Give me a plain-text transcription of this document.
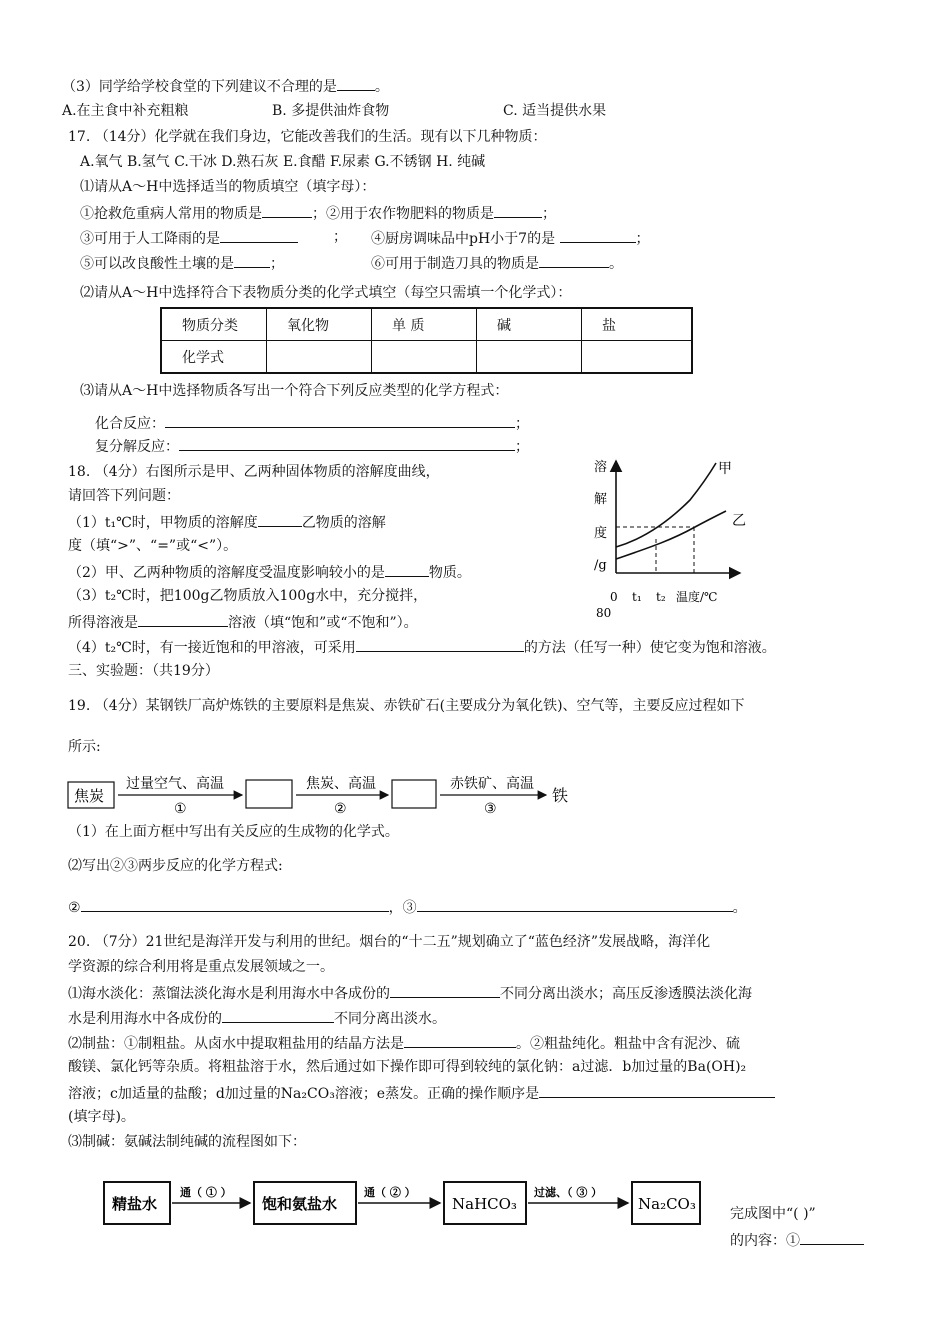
（3）同学给学校食堂的下列建议不合理的是	。
A.在主食中补充粗粮	B. 多提供油炸食物	C. 适当提供水果
17. （14分）化学就在我们身边，它能改善我们的生活。现有以下几种物质：
A.氧气 B.氢气 C.干冰 D.熟石灰 E.食醋 F.尿素 G.不锈钢 H. 纯碱
⑴请从A～H中选择适当的物质填空（填字母）：
①抢救危重病人常用的物质是	；②用于农作物肥料的物质是	；
③可用于人工降雨的是	； ④厨房调味品中pH小于7的是	；
⑤可以改良酸性土壤的是	；	⑥可用于制造刀具的物质是	。
⑵请从A～H中选择符合下表物质分类的化学式填空（每空只需填一个化学式）：
物质分类	氧化物	单 质	碱	盐
化学式				
⑶请从A～H中选择物质各写出一个符合下列反应类型的化学方程式：
化合反应：	；
复分解反应：	；
18. （4分）右图所示是甲、乙两种固体物质的溶解度曲线，
请回答下列问题：
（1）t₁℃时，甲物质的溶解度	乙物质的溶解
度（填“>”、“=”或“<”）。
（2）甲、乙两种物质的溶解度受温度影响较小的是	物质。
（3）t₂℃时，把100g乙物质放入100g水中，充分搅拌，
所得溶液是	溶液（填“饱和”或“不饱和”）。
（4）t₂℃时，有一接近饱和的甲溶液，可采用	的方法（任写一种）使它变为饱和溶液。
溶
解
度
/g
甲
乙
0 t₁ t₂ 温度/℃
80
三、实验题：（共19分）
19. （4分）某钢铁厂高炉炼铁的主要原料是焦炭、赤铁矿石(主要成分为氧化铁)、空气等，主要反应过程如下
所示:
焦炭
过量空气、高温
①
焦炭、高温
②
赤铁矿、高温
③
铁
（1）在上面方框中写出有关反应的生成物的化学式。
⑵写出②③两步反应的化学方程式:
②	，③	。
20. （7分）21世纪是海洋开发与利用的世纪。烟台的“十二五”规划确立了“蓝色经济”发展战略，海洋化
学资源的综合利用将是重点发展领域之一。
⑴海水淡化：蒸馏法淡化海水是利用海水中各成份的	不同分离出淡水；高压反渗透膜法淡化海
水是利用海水中各成份的	不同分离出淡水。
⑵制盐：①制粗盐。从卤水中提取粗盐用的结晶方法是	。②粗盐纯化。粗盐中含有泥沙、硫
酸镁、氯化钙等杂质。将粗盐溶于水，然后通过如下操作即可得到较纯的氯化钠：a过滤．b加过量的Ba(OH)₂
溶液；c加适量的盐酸；d加过量的Na₂CO₃溶液；e蒸发。正确的操作顺序是
(填字母)。
⑶制碱：氨碱法制纯碱的流程图如下：
精盐水
通（ ① ）
饱和氨盐水
通（ ② ）
NaHCO₃
过滤、（ ③ ）
Na₂CO₃
完成图中“( )”
的内容：①
